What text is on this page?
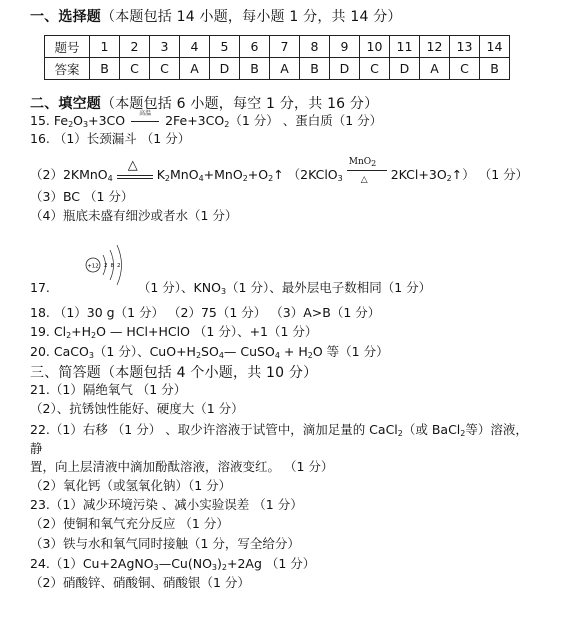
一、选择题（本题包括 14 小题，每小题 1 分，共 14 分）
题号	1	2	3	4	5	6	7	8	9	10	11	12	13	14
答案	B	C	C	A	D	B	A	B	D	C	D	A	C	B
二、填空题（本题包括 6 小题，每空 1 分，共 16 分）
15. $Fe_2O_3+3CO$	高温	$2Fe+3CO_2(1$ 分） 、蛋白质（1 分）
16. （1）长颈漏斗 （1 分）
（2）2KMnO$_4$
△
$K_2MnO_4+MnO_2+O_2↑$ （2KClO$_3$
MnO$_2$
△ $2KCl+3O_2↑$） （1 分）
（3）BC （1 分）
（4）瓶底未盛有细沙或者水（1 分）
+12 2 8 2
17.	（1 分）、$KNO_3(1$ 分）、最外层电子数相同（1 分）
18. （1）30 g（1 分） （2）75（1 分） （3）A>B（1 分）
19. $Cl_2+H_2O$ — HCl+HClO （1 分）、+1（1 分）
20. CaCO$_3$（1 分）、$CuO+H_2SO_4—$ CuSO$_4$ + $H_2O$ 等（1 分）
三、简答题（本题包括 4 个小题，共 10 分）
21.（1）隔绝氧气 （1 分）
（2）、抗锈蚀性能好、硬度大（1 分）
22.（1）右移 （1 分） 、取少许溶液于试管中，滴加足量的 CaCl$_2$（或 BaCl$_2$等）溶液，
静
置，向上层清液中滴加酚酞溶液，溶液变红。 （1 分）
（2）氧化钙（或氢氧化钠）（1 分）
23.（1）减少环境污染 、减小实验误差 （1 分）
（2）使铜和氧气充分反应 （1 分）
（3）铁与水和氧气同时接触（1 分，写全给分）
$24.(1)Cu+2AgNO_3—Cu(NO_3)_2+2Ag$ （1 分）
（2）硝酸锌、硝酸铜、硝酸银（1 分）
